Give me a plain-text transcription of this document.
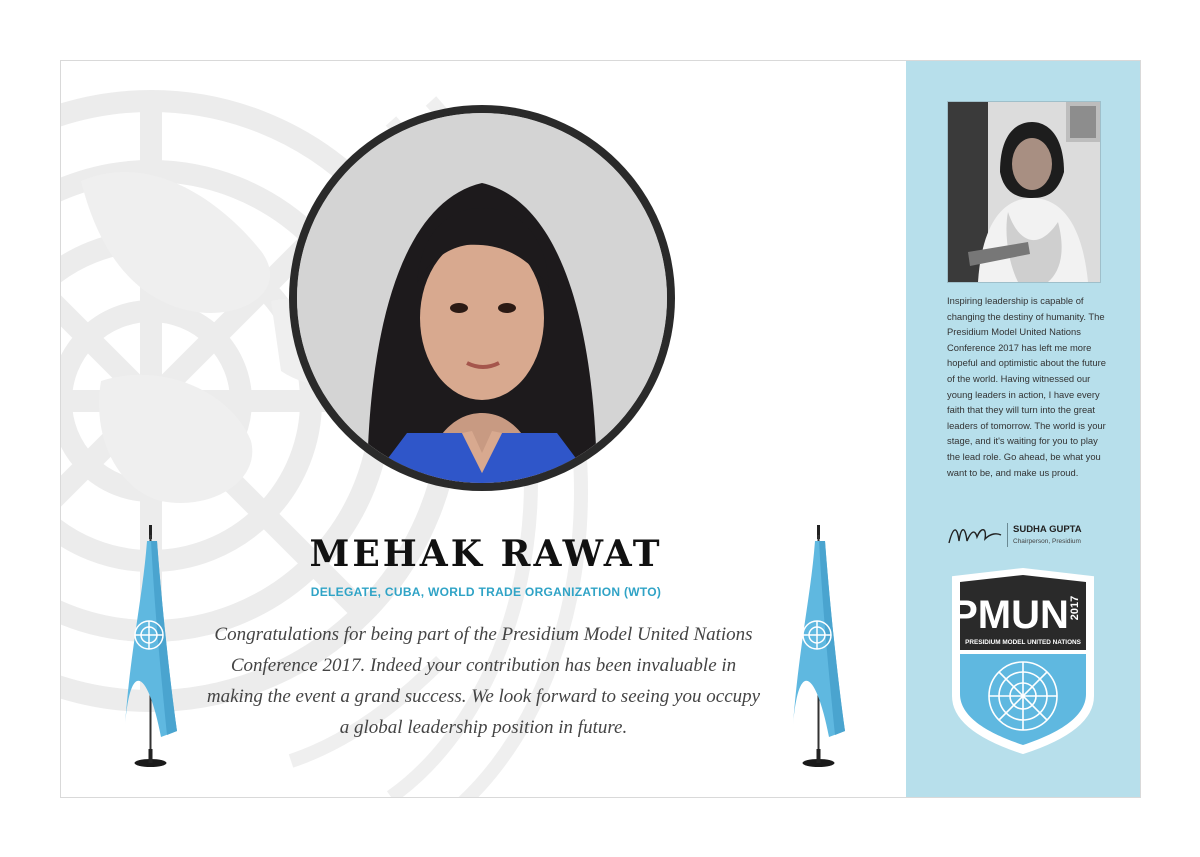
MEHAK RAWAT
DELEGATE, CUBA, WORLD TRADE ORGANIZATION (WTO)

Congratulations for being part of the Presidium Model United Nations Conference 2017. Indeed your contribution has been invaluable in making the event a grand success. We look forward to seeing you occupy a global leadership position in future.

Inspiring leadership is capable of changing the destiny of humanity. The Presidium Model United Nations Conference 2017 has left me more hopeful and optimistic about the future of the world. Having witnessed our young leaders in action, I have every faith that they will turn into the great leaders of tomorrow. The world is your stage, and it's waiting for you to play the lead role. Go ahead, be what you want to be, and make us proud.

SUDHA GUPTA
Chairperson, Presidium
PMUN 2017
PRESIDIUM MODEL UNITED NATIONS
